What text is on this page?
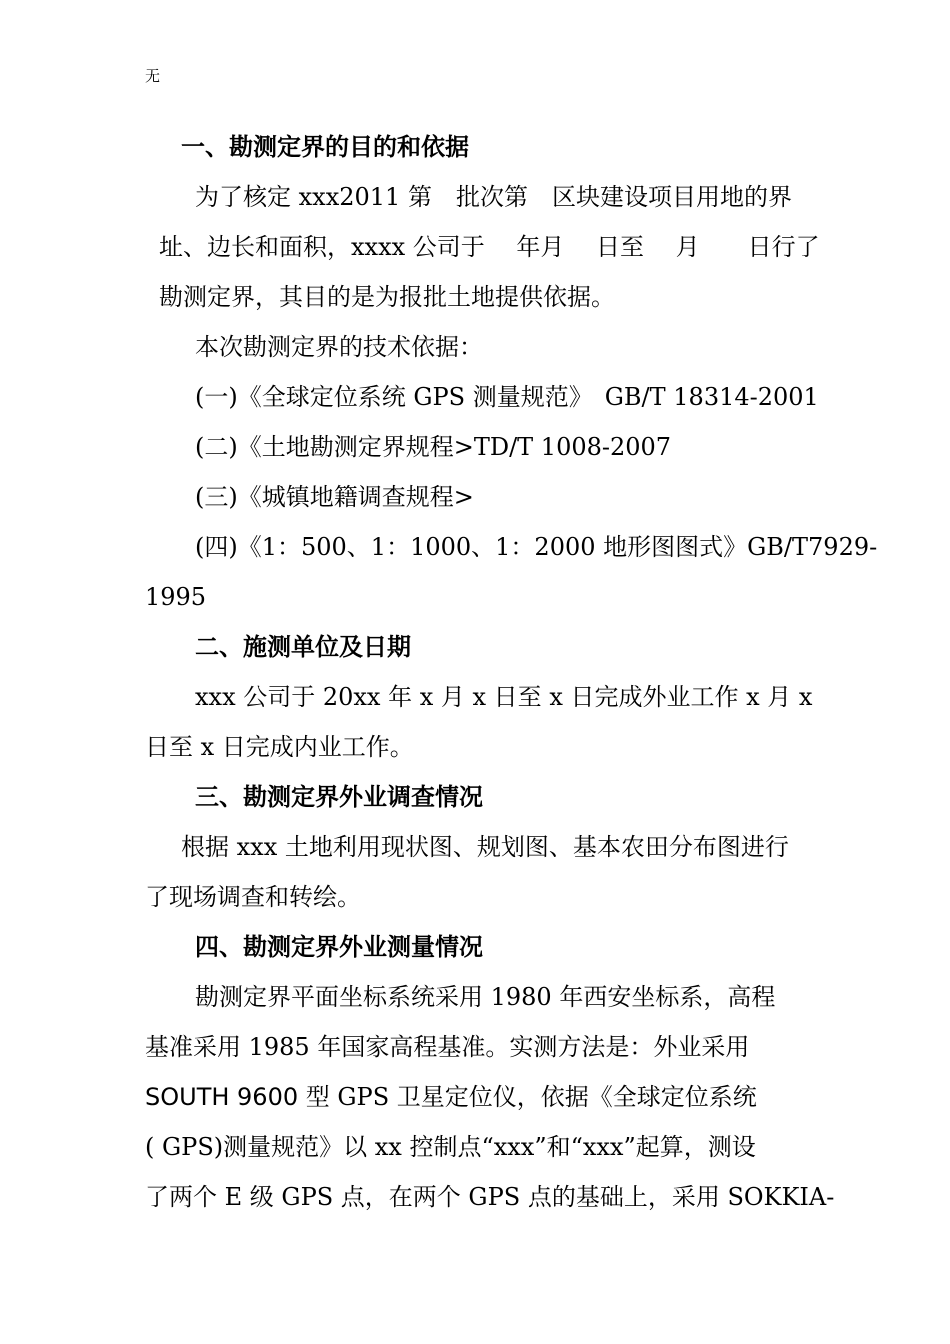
无
一、勘测定界的目的和依据
为了核定 xxx2011 第　批次第　区块建设项目用地的界
址、边长和面积，xxxx 公司于　 年月　 日至　 月　　日行了
勘测定界，其目的是为报批土地提供依据。
本次勘测定界的技术依据：
(一)《全球定位系统 GPS 测量规范》　GB/T 18314-2001
(二)《土地勘测定界规程>TD/T 1008-2007
(三)《城镇地籍调查规程>
(四)《1：500、1：1000、1：2000 地形图图式》GB/T7929-
1995
二、施测单位及日期
xxx 公司于 20xx 年 x 月 x 日至 x 日完成外业工作 x 月 x
日至 x 日完成内业工作。
三、勘测定界外业调查情况
根据 xxx 土地利用现状图、规划图、基本农田分布图进行
了现场调查和转绘。
四、勘测定界外业测量情况
勘测定界平面坐标系统采用 1980 年西安坐标系，高程
基准采用 1985 年国家高程基准。实测方法是：外业采用
SOUTH 9600 型 GPS 卫星定位仪，依据《全球定位系统
( GPS)测量规范》以 xx 控制点“xxx”和“xxx”起算，测设
了两个 E 级 GPS 点，在两个 GPS 点的基础上，采用 SOKKIA-
